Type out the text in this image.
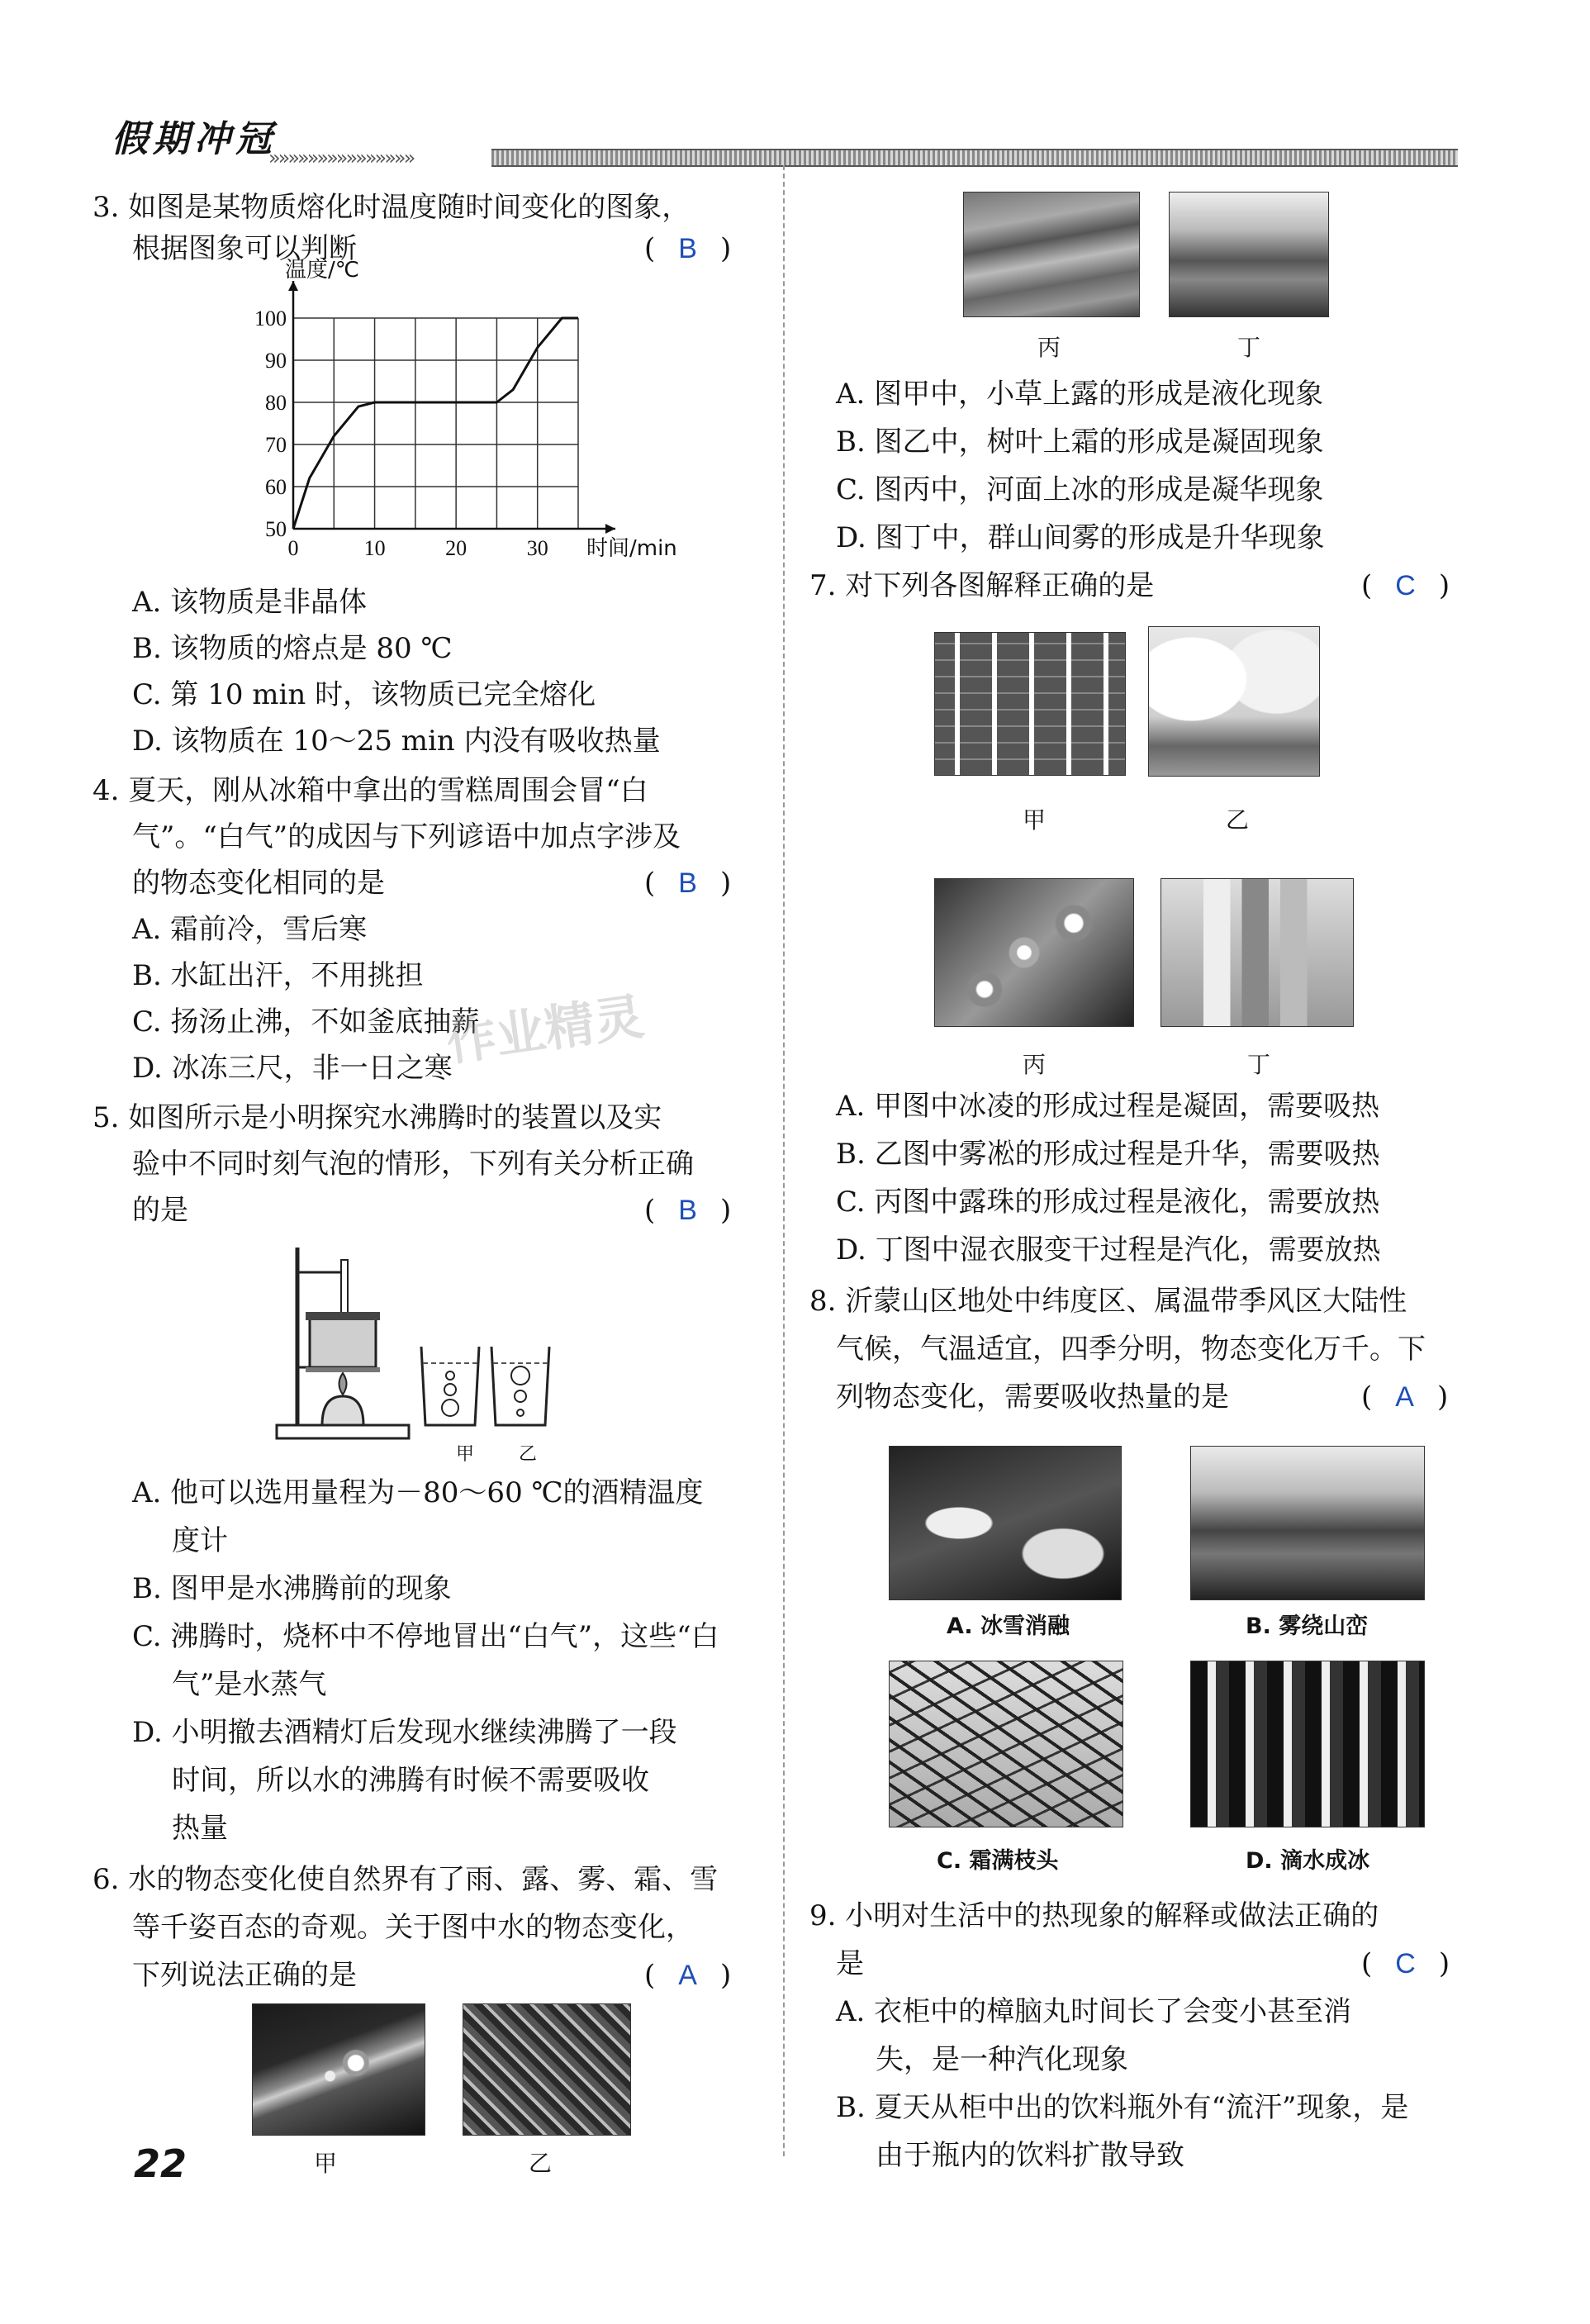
假期冲冠
»»»»»»»»»»»»»»»
3. 如图是某物质熔化时温度随时间变化的图象，
根据图象可以判断	( B )
0	10	20	30
50
60
70
80
90
100
温度/℃
时间/min
A. 该物质是非晶体
B. 该物质的熔点是 80 ℃
C. 第 10 min 时，该物质已完全熔化
D. 该物质在 10～25 min 内没有吸收热量
4. 夏天，刚从冰箱中拿出的雪糕周围会冒“白
气”。“白气”的成因与下列谚语中加点字涉及
的物态变化相同的是	( B )
A. 霜前冷，雪后寒
B. 水缸出汗，不用挑担
C. 扬汤止沸，不如釜底抽薪
D. 冰冻三尺，非一日之寒
作业精灵
5. 如图所示是小明探究水沸腾时的装置以及实
验中不同时刻气泡的情形，下列有关分析正确
的是	( B )
甲 乙
A. 他可以选用量程为－80～60 ℃的酒精温度
度计
B. 图甲是水沸腾前的现象
C. 沸腾时，烧杯中不停地冒出“白气”，这些“白
气”是水蒸气
D. 小明撤去酒精灯后发现水继续沸腾了一段
时间，所以水的沸腾有时候不需要吸收
热量
6. 水的物态变化使自然界有了雨、露、雾、霜、雪
等千姿百态的奇观。关于图中水的物态变化，
下列说法正确的是	( A )
甲	乙
22
丙	丁
A. 图甲中，小草上露的形成是液化现象
B. 图乙中，树叶上霜的形成是凝固现象
C. 图丙中，河面上冰的形成是凝华现象
D. 图丁中，群山间雾的形成是升华现象
7. 对下列各图解释正确的是	( C )
甲	乙
丙	丁
A. 甲图中冰凌的形成过程是凝固，需要吸热
B. 乙图中雾凇的形成过程是升华，需要吸热
C. 丙图中露珠的形成过程是液化，需要放热
D. 丁图中湿衣服变干过程是汽化，需要放热
8. 沂蒙山区地处中纬度区、属温带季风区大陆性
气候，气温适宜，四季分明，物态变化万千。下
列物态变化，需要吸收热量的是	( A )
A. 冰雪消融	B. 雾绕山峦
C. 霜满枝头	D. 滴水成冰
9. 小明对生活中的热现象的解释或做法正确的
是	( C )
A. 衣柜中的樟脑丸时间长了会变小甚至消
失，是一种汽化现象
B. 夏天从柜中出的饮料瓶外有“流汗”现象，是
由于瓶内的饮料扩散导致
